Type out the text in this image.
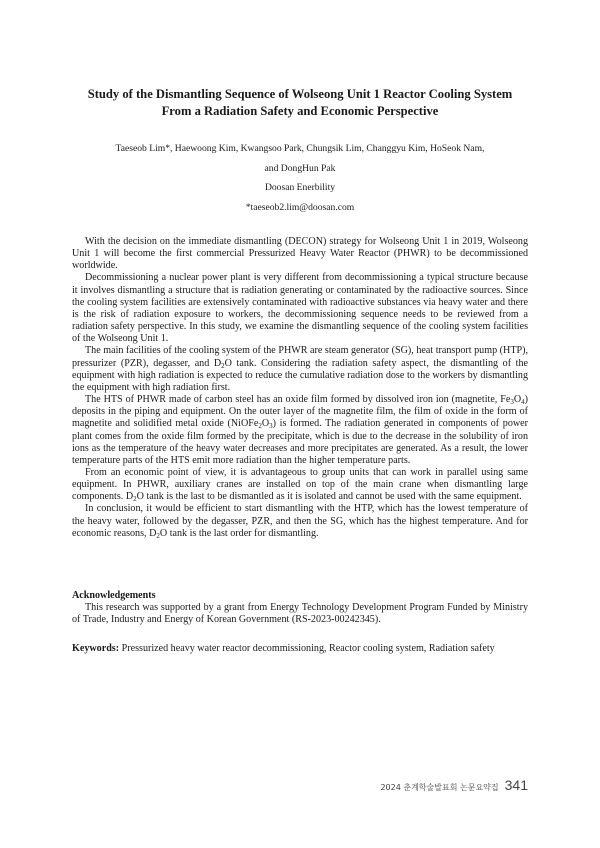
Study of the Dismantling Sequence of Wolseong Unit 1 Reactor Cooling System
From a Radiation Safety and Economic Perspective
Taeseob Lim*, Haewoong Kim, Kwangsoo Park, Chungsik Lim, Changgyu Kim, HoSeok Nam,
and DongHun Pak
Doosan Enerbility
*taeseob2.lim@doosan.com

With the decision on the immediate dismantling (DECON) strategy for Wolseong Unit 1 in 2019, Wolseong Unit 1 will become the first commercial Pressurized Heavy Water Reactor (PHWR) to be decommissioned worldwide.

Decommissioning a nuclear power plant is very different from decommissioning a typical structure because it involves dismantling a structure that is radiation generating or contaminated by the radioactive sources. Since the cooling system facilities are extensively contaminated with radioactive substances via heavy water and there is the risk of radiation exposure to workers, the decommissioning sequence needs to be reviewed from a radiation safety perspective. In this study, we examine the dismantling sequence of the cooling system facilities of the Wolseong Unit 1.

The main facilities of the cooling system of the PHWR are steam generator (SG), heat transport pump (HTP), pressurizer (PZR), degasser, and $D_2O$ tank. Considering the radiation safety aspect, the dismantling of the equipment with high radiation is expected to reduce the cumulative radiation dose to the workers by dismantling the equipment with high radiation first.

The HTS of PHWR made of carbon steel has an oxide film formed by dissolved iron ion (magnetite, $Fe_3O_4$) deposits in the piping and equipment. On the outer layer of the magnetite film, the film of oxide in the form of magnetite and solidified metal oxide $(NiOFe_2O_3)$ is formed. The radiation generated in components of power plant comes from the oxide film formed by the precipitate, which is due to the decrease in the solubility of iron ions as the temperature of the heavy water decreases and more precipitates are generated. As a result, the lower temperature parts of the HTS emit more radiation than the higher temperature parts.

From an economic point of view, it is advantageous to group units that can work in parallel using same equipment. In PHWR, auxiliary cranes are installed on top of the main crane when dismantling large components. $D_2O$ tank is the last to be dismantled as it is isolated and cannot be used with the same equipment.

In conclusion, it would be efficient to start dismantling with the HTP, which has the lowest temperature of the heavy water, followed by the degasser, PZR, and then the SG, which has the highest temperature. And for economic reasons, $D_2O$ tank is the last order for dismantling.

Acknowledgements

This research was supported by a grant from Energy Technology Development Program Funded by Ministry of Trade, Industry and Energy of Korean Government (RS-2023-00242345).

Keywords: Pressurized heavy water reactor decommissioning, Reactor cooling system, Radiation safety

2024 춘계학술발표회 논문요약집 341
